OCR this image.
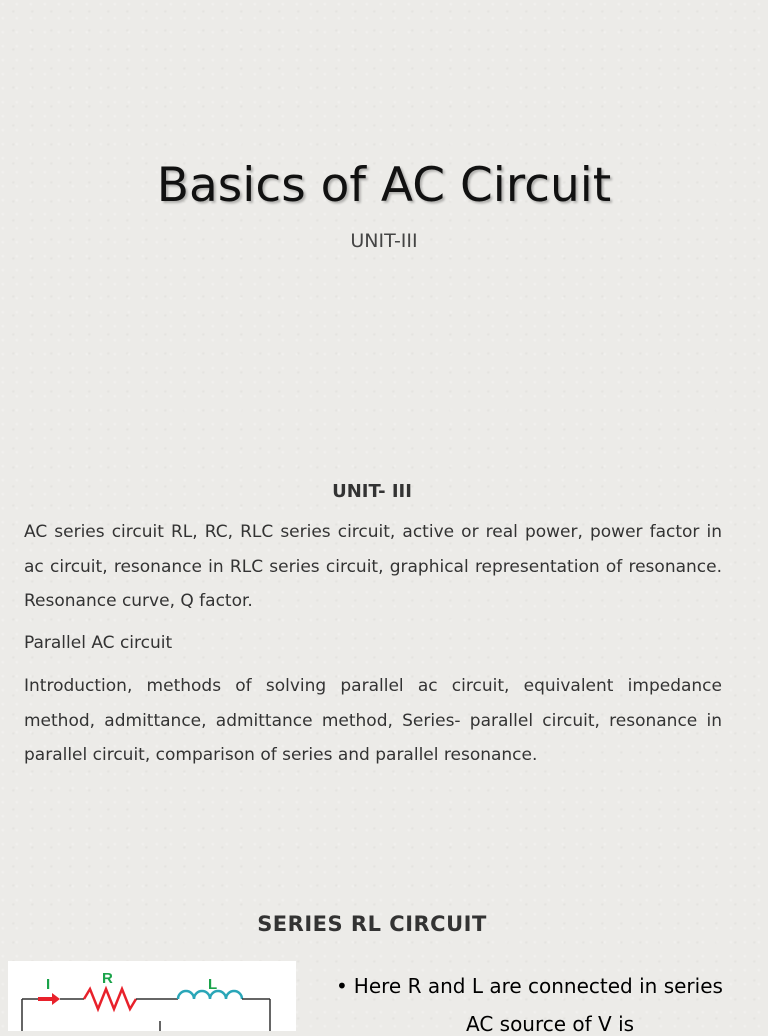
Basics of AC Circuit
UNIT-III
UNIT- III

AC series circuit RL, RC, RLC series circuit, active or real power, power factor in ac circuit, resonance in RLC series circuit, graphical representation of resonance. Resonance curve, Q factor.

Parallel AC circuit

Introduction, methods of solving parallel ac circuit, equivalent impedance method, admittance, admittance method, Series- parallel circuit, resonance in parallel circuit, comparison of series and parallel resonance.

SERIES RL CIRCUIT
I	R	L	• Here R and L are connected in series
AC source of V is
